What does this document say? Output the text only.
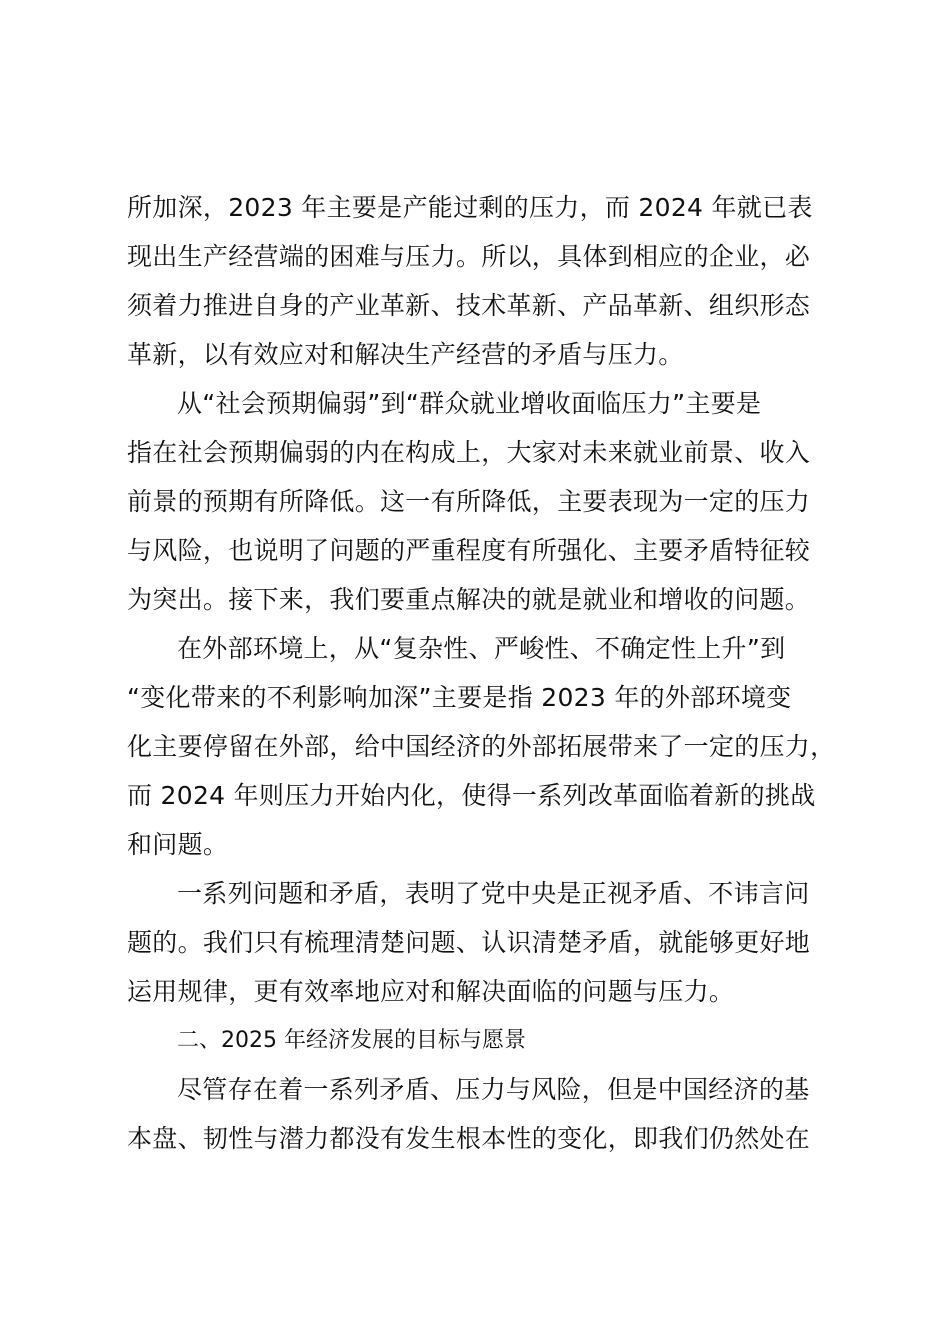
所加深，2023 年主要是产能过剩的压力，而 2024 年就已表
现出生产经营端的困难与压力。所以，具体到相应的企业，必
须着力推进自身的产业革新、技术革新、产品革新、组织形态
革新，以有效应对和解决生产经营的矛盾与压力。
从“社会预期偏弱”到“群众就业增收面临压力”主要是
指在社会预期偏弱的内在构成上，大家对未来就业前景、收入
前景的预期有所降低。这一有所降低，主要表现为一定的压力
与风险，也说明了问题的严重程度有所强化、主要矛盾特征较
为突出。接下来，我们要重点解决的就是就业和增收的问题。
在外部环境上，从“复杂性、严峻性、不确定性上升”到
“变化带来的不利影响加深”主要是指 2023 年的外部环境变
化主要停留在外部，给中国经济的外部拓展带来了一定的压力，
而 2024 年则压力开始内化，使得一系列改革面临着新的挑战
和问题。
一系列问题和矛盾，表明了党中央是正视矛盾、不讳言问
题的。我们只有梳理清楚问题、认识清楚矛盾，就能够更好地
运用规律，更有效率地应对和解决面临的问题与压力。
二、2025 年经济发展的目标与愿景
尽管存在着一系列矛盾、压力与风险，但是中国经济的基
本盘、韧性与潜力都没有发生根本性的变化，即我们仍然处在
